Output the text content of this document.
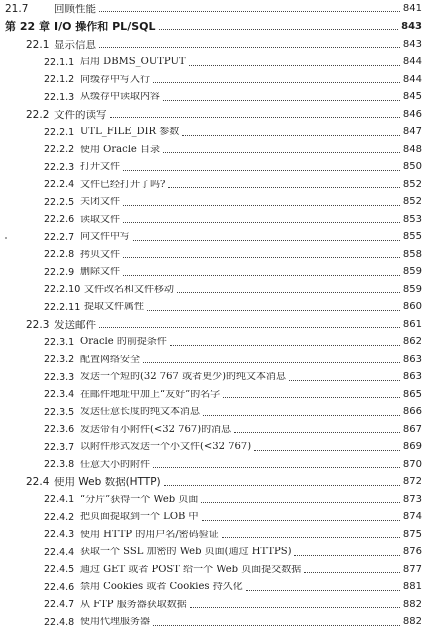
21.7	回顾性能	841
第 22 章 I/O 操作和 PL/SQL	843
22.1 显示信息	843
22.1.1 启用 DBMS_OUTPUT	844
22.1.2 向缓存中写入行	844
22.1.3 从缓存中读取内容	845
22.2 文件的读写	846
22.2.1 UTL_FILE_DIR 参数	847
22.2.2 使用 Oracle 目录	848
22.2.3 打开文件	850
22.2.4 文件已经打开了吗?	852
22.2.5 关闭文件	852
22.2.6 读取文件	853
22.2.7 向文件中写	855
22.2.8 拷贝文件	858
22.2.9 删除文件	859
22.2.10 文件改名和文件移动	859
22.2.11 提取文件属性	860
22.3 发送邮件	861
22.3.1 Oracle 的前提条件	862
22.3.2 配置网络安全	863
22.3.3 发送一个短的(32 767 或者更少)的纯文本消息	863
22.3.4 在邮件地址中加上“友好”的名字	865
22.3.5 发送任意长度的纯文本消息	866
22.3.6 发送带有小附件(<32 767)的消息	867
22.3.7 以附件形式发送一个小文件(<32 767)	869
22.3.8 任意大小的附件	870
22.4 使用 Web 数据(HTTP)	872
22.4.1 “分片”获得一个 Web 页面	873
22.4.2 把页面提取到一个 LOB 中	874
22.4.3 使用 HTTP 的用户名/密码验证	875
22.4.4 获取一个 SSL 加密的 Web 页面(通过 HTTPS)	876
22.4.5 通过 GET 或者 POST 给一个 Web 页面提交数据	877
22.4.6 禁用 Cookies 或者 Cookies 持久化	881
22.4.7 从 FTP 服务器获取数据	882
22.4.8 使用代理服务器	882
